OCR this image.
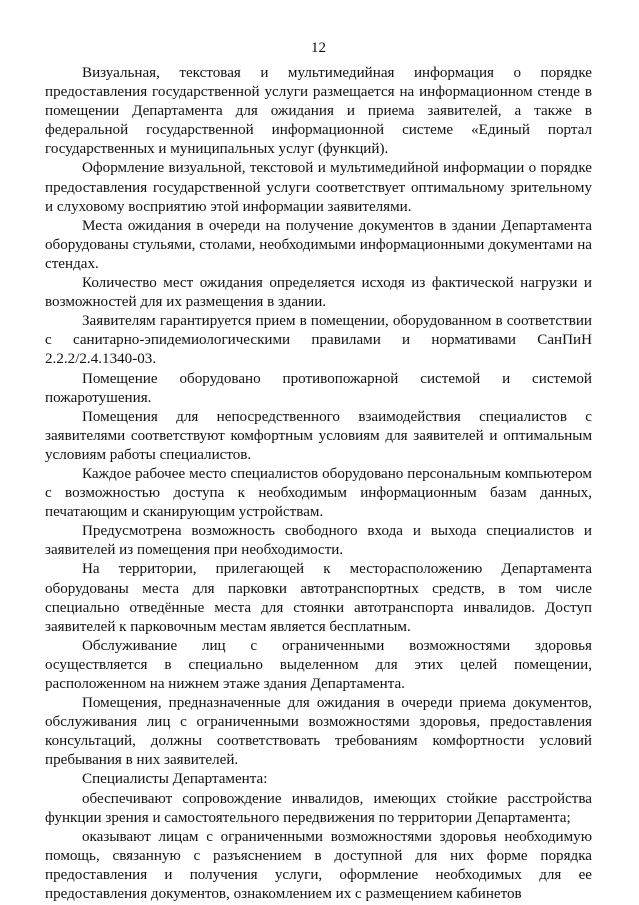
12

Визуальная, текстовая и мультимедийная информация о порядке предоставления государственной услуги размещается на информационном стенде в помещении Департамента для ожидания и приема заявителей, а также в федеральной государственной информационной системе «Единый портал государственных и муниципальных услуг (функций).

Оформление визуальной, текстовой и мультимедийной информации о порядке предоставления государственной услуги соответствует оптимальному зрительному и слуховому восприятию этой информации заявителями.

Места ожидания в очереди на получение документов в здании Департамента оборудованы стульями, столами, необходимыми информационными документами на стендах.

Количество мест ожидания определяется исходя из фактической нагрузки и возможностей для их размещения в здании.

Заявителям гарантируется прием в помещении, оборудованном в соответствии с санитарно-эпидемиологическими правилами и нормативами СанПиН 2.2.2/2.4.1340-03.

Помещение оборудовано противопожарной системой и системой пожаротушения.

Помещения для непосредственного взаимодействия специалистов с заявителями соответствуют комфортным условиям для заявителей и оптимальным условиям работы специалистов.

Каждое рабочее место специалистов оборудовано персональным компьютером с возможностью доступа к необходимым информационным базам данных, печатающим и сканирующим устройствам.

Предусмотрена возможность свободного входа и выхода специалистов и заявителей из помещения при необходимости.

На территории, прилегающей к месторасположению Департамента оборудованы места для парковки автотранспортных средств, в том числе специально отведённые места для стоянки автотранспорта инвалидов. Доступ заявителей к парковочным местам является бесплатным.

Обслуживание лиц с ограниченными возможностями здоровья осуществляется в специально выделенном для этих целей помещении, расположенном на нижнем этаже здания Департамента.

Помещения, предназначенные для ожидания в очереди приема документов, обслуживания лиц с ограниченными возможностями здоровья, предоставления консультаций, должны соответствовать требованиям комфортности условий пребывания в них заявителей.

Специалисты Департамента:

обеспечивают сопровождение инвалидов, имеющих стойкие расстройства функции зрения и самостоятельного передвижения по территории Департамента;

оказывают лицам с ограниченными возможностями здоровья необходимую помощь, связанную с разъяснением в доступной для них форме порядка предоставления и получения услуги, оформление необходимых для ее предоставления документов, ознакомлением их с размещением кабинетов
